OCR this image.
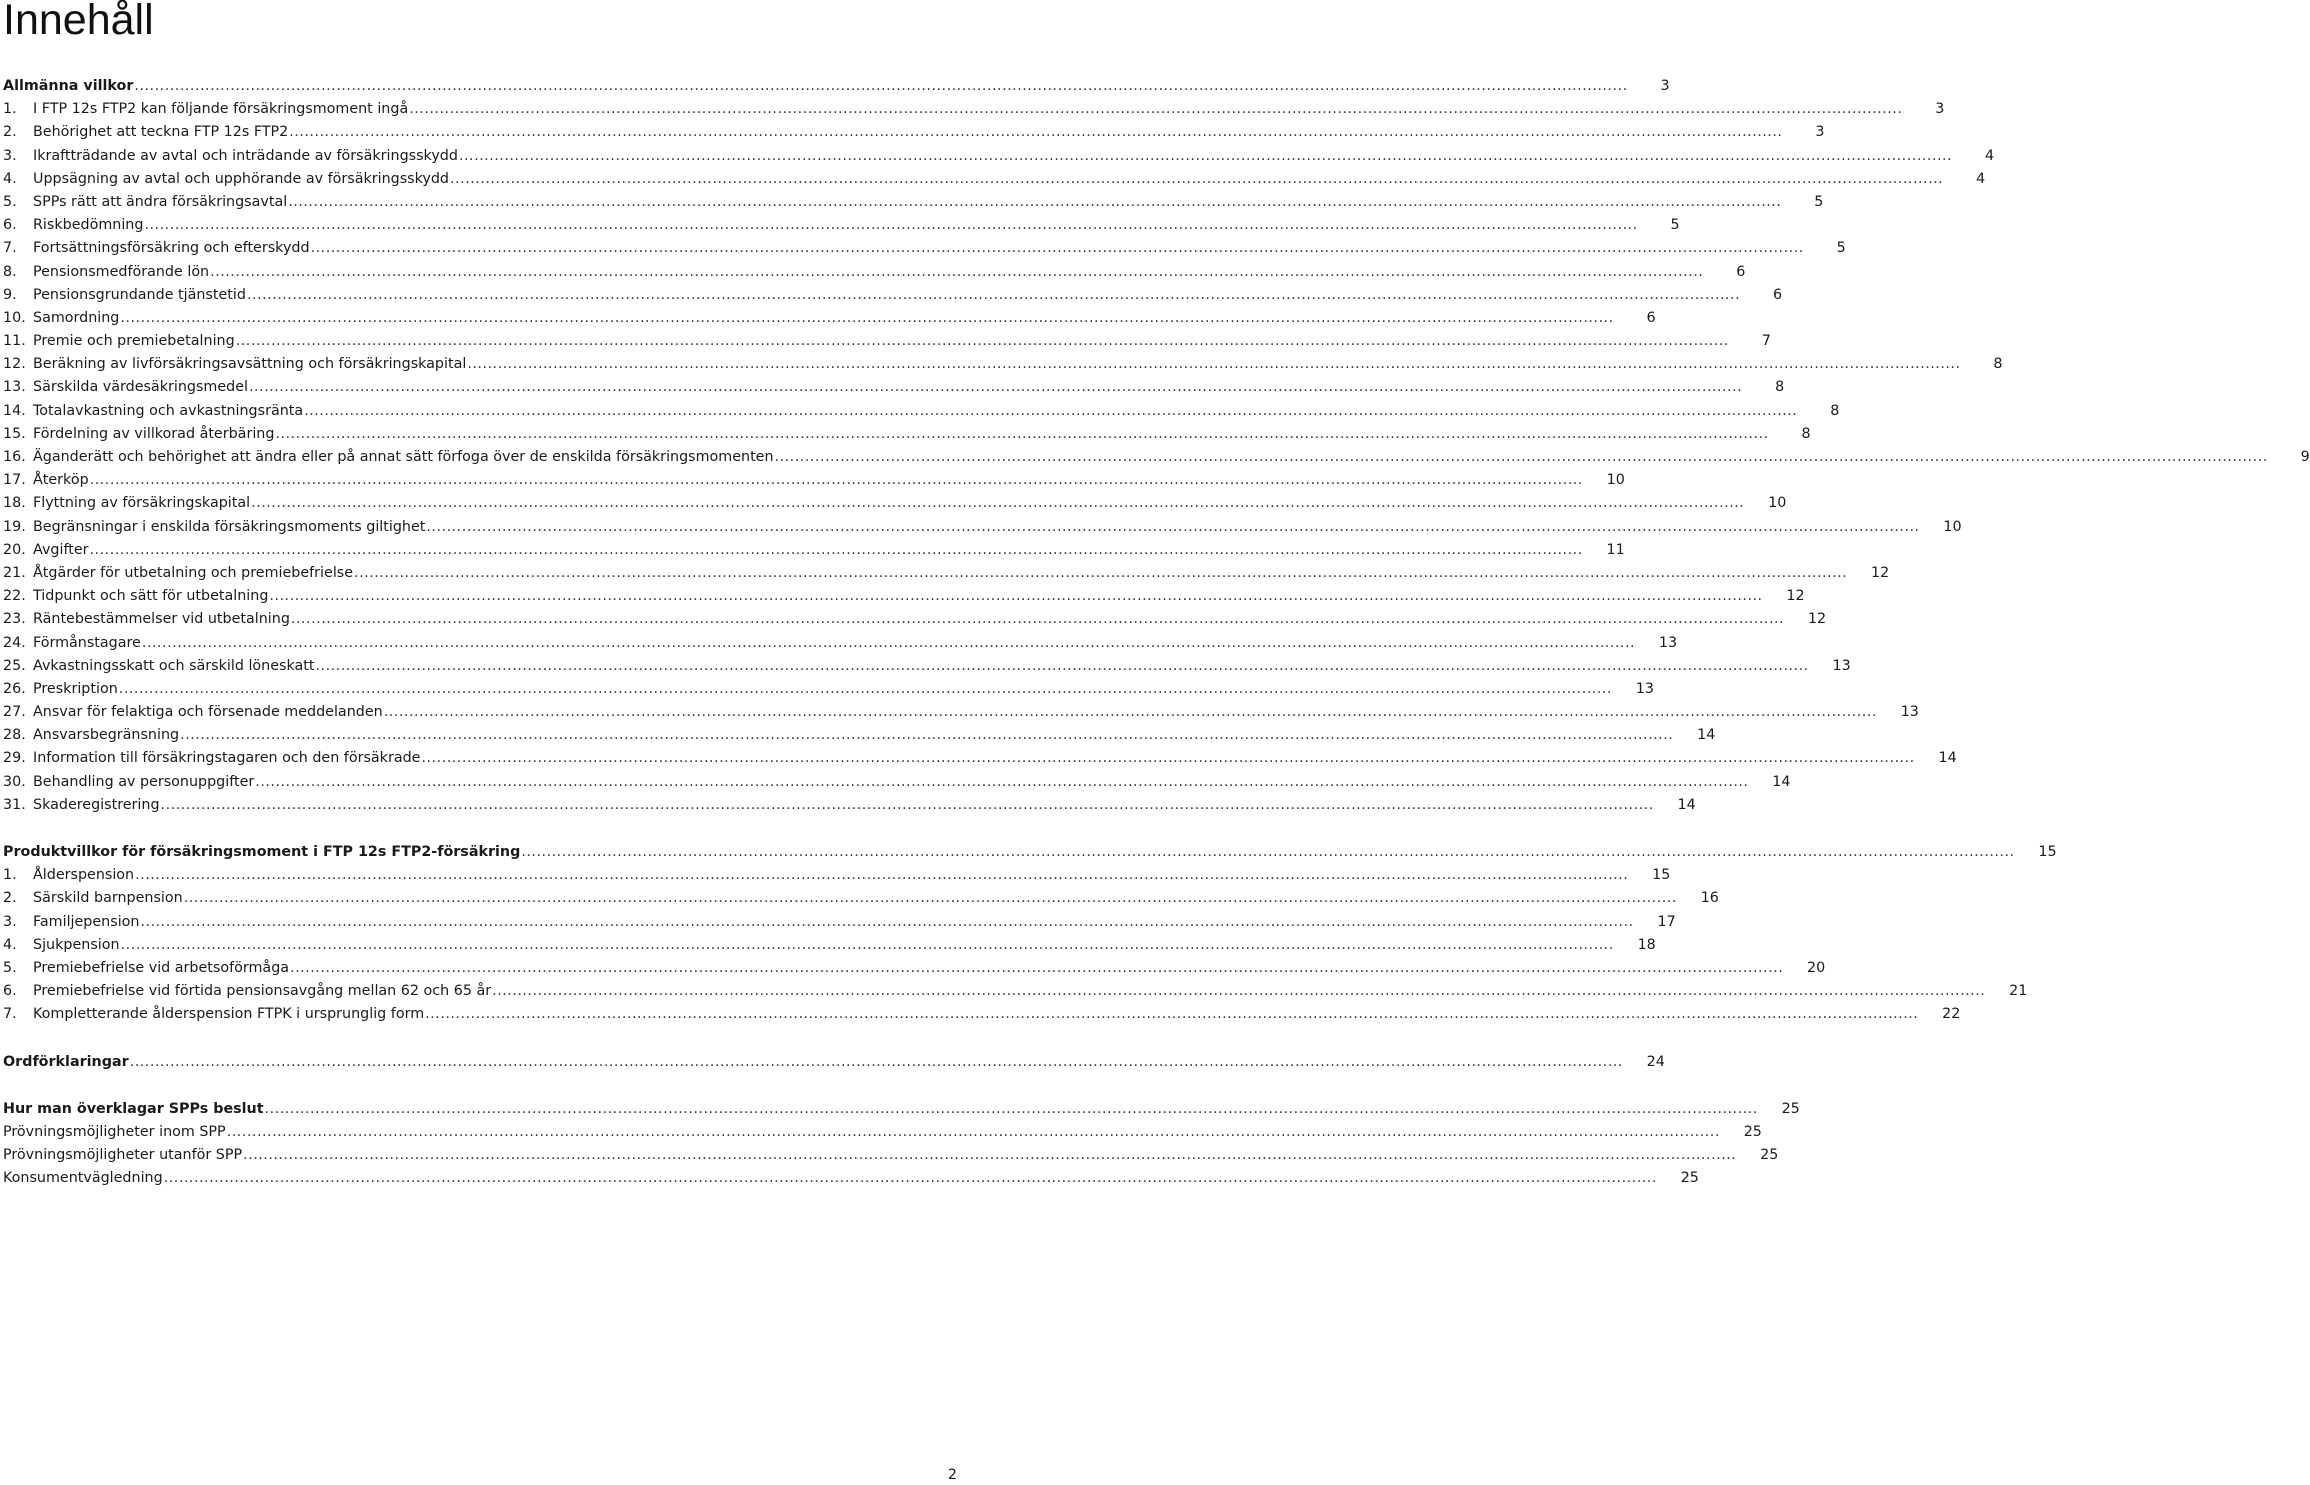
Innehåll
Allmänna villkor .....	3
1.	I FTP 12s FTP2 kan följande försäkringsmoment ingå .....	3
2.	Behörighet att teckna FTP 12s FTP2 .....	3
3.	Ikraftträdande av avtal och inträdande av försäkringsskydd .....	4
4.	Uppsägning av avtal och upphörande av försäkringsskydd .....	4
5.	SPPs rätt att ändra försäkringsavtal .....	5
6.	Riskbedömning .....	5
7.	Fortsättningsförsäkring och efterskydd .....	5
8.	Pensionsmedförande lön .....	6
9.	Pensionsgrundande tjänstetid .....	6
10. Samordning .....	6
11. Premie och premiebetalning .....	7
12. Beräkning av livförsäkringsavsättning och försäkringskapital .....	8
13. Särskilda värdesäkringsmedel .....	8
14. Totalavkastning och avkastningsränta .....	8
15. Fördelning av villkorad återbäring .....	8
16. Äganderätt och behörighet att ändra eller på annat sätt förfoga över de enskilda försäkringsmomenten .....	9
17. Återköp .....	10
18. Flyttning av försäkringskapital .....	10
19. Begränsningar i enskilda försäkringsmoments giltighet .....	10
20. Avgifter .....	11
21. Åtgärder för utbetalning och premiebefrielse .....	12
22. Tidpunkt och sätt för utbetalning .....	12
23. Räntebestämmelser vid utbetalning .....	12
24. Förmånstagare .....	13
25. Avkastningsskatt och särskild löneskatt .....	13
26. Preskription .....	13
27. Ansvar för felaktiga och försenade meddelanden .....	13
28. Ansvarsbegränsning .....	14
29. Information till försäkringstagaren och den försäkrade .....	14
30. Behandling av personuppgifter .....	14
31. Skaderegistrering .....	14
Produktvillkor för försäkringsmoment i FTP 12s FTP2-försäkring .....	15
1.	Ålderspension .....	15
2.	Särskild barnpension .....	16
3.	Familjepension .....	17
4.	Sjukpension .....	18
5.	Premiebefrielse vid arbetsoförmåga .....	20
6.	Premiebefrielse vid förtida pensionsavgång mellan 62 och 65 år .....	21
7.	Kompletterande ålderspension FTPK i ursprunglig form .....	22
Ordförklaringar .....	24
Hur man överklagar SPPs beslut .....	25
Prövningsmöjligheter inom SPP .....	25
Prövningsmöjligheter utanför SPP .....	25
Konsumentvägledning .....	25
2
